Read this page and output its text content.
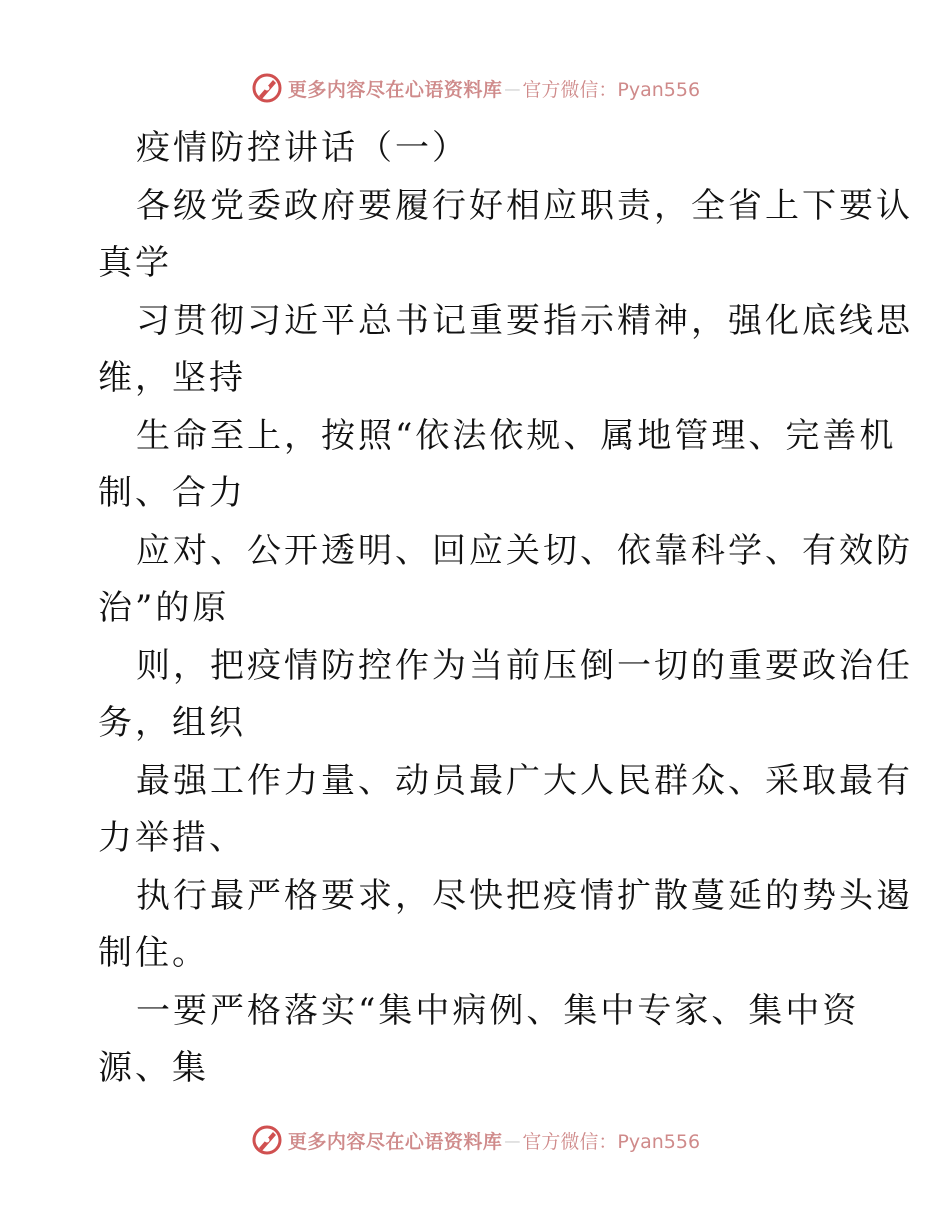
更多内容尽在心语资料库 — 官方微信：Pyan556
疫情防控讲话（一）
各级党委政府要履行好相应职责，全省上下要认
真学
习贯彻习近平总书记重要指示精神，强化底线思
维，坚持
生命至上，按照“依法依规、属地管理、完善机
制、合力
应对、公开透明、回应关切、依靠科学、有效防
治”的原
则，把疫情防控作为当前压倒一切的重要政治任
务，组织
最强工作力量、动员最广大人民群众、采取最有
力举措、
执行最严格要求，尽快把疫情扩散蔓延的势头遏
制住。
一要严格落实“集中病例、集中专家、集中资
源、集
更多内容尽在心语资料库 — 官方微信：Pyan556
